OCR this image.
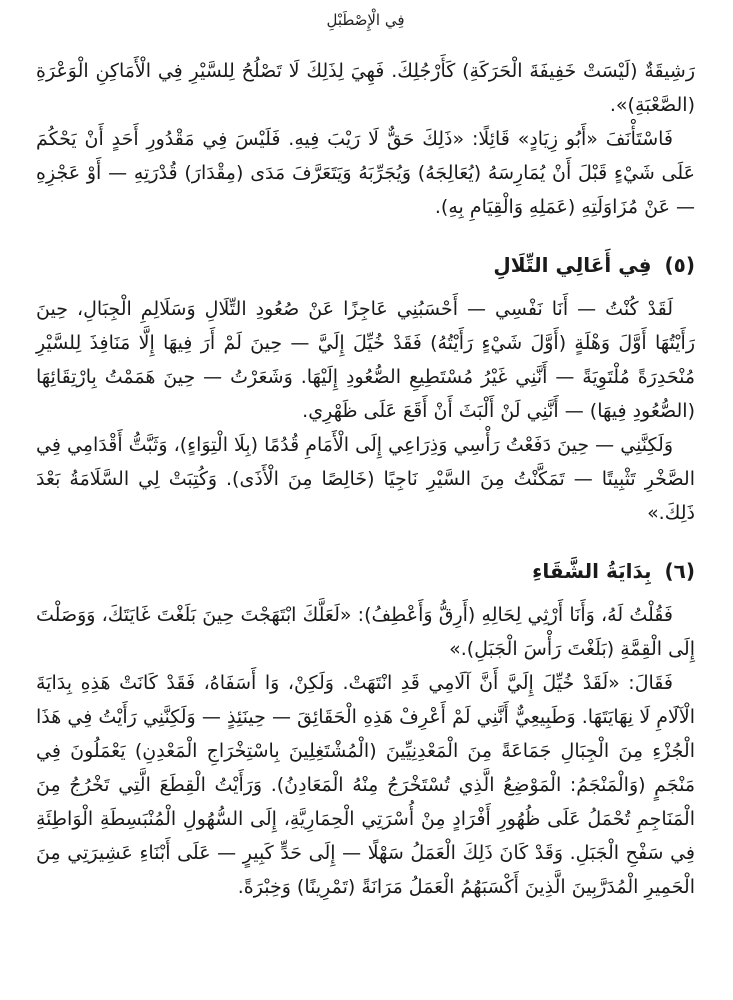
فِي الْإِصْطَبْلِ

رَشِيقَةٌ (لَيْسَتْ خَفِيفَةَ الْحَرَكَةِ) كَأَرْجُلِكَ. فَهِيَ لِذَلِكَ لَا تَصْلُحُ لِلسَّيْرِ فِي الْأَمَاكِنِ الْوَعْرَةِ (الصَّعْبَةِ)».

فَاسْتَأْنَفَ «أَبُو زِيَادٍ» قَائِلًا: «ذَلِكَ حَقٌّ لَا رَيْبَ فِيهِ. فَلَيْسَ فِي مَقْدُورِ أَحَدٍ أَنْ يَحْكُمَ عَلَى شَيْءٍ قَبْلَ أَنْ يُمَارِسَهُ (يُعَالِجَهُ) وَيُجَرِّبَهُ وَيَتَعَرَّفَ مَدَى (مِقْدَارَ) قُدْرَتِهِ — أَوْ عَجْزِهِ — عَنْ مُزَاوَلَتِهِ (عَمَلِهِ وَالْقِيَامِ بِهِ).

(٥) فِي أَعَالِي التِّلَالِ

لَقَدْ كُنْتُ — أَنَا نَفْسِي — أَحْسَبُنِي عَاجِزًا عَنْ صُعُودِ التِّلَالِ وَسَلَالِمِ الْجِبَالِ، حِينَ رَأَيْتُهَا أَوَّلَ وَهْلَةٍ (أَوَّلَ شَيْءٍ رَأَيْتُهُ) فَقَدْ خُيِّلَ إِلَيَّ — حِينَ لَمْ أَرَ فِيهَا إِلَّا مَنَافِذَ لِلسَّيْرِ مُنْحَدِرَةً مُلْتَوِيَةً — أَنَّنِي غَيْرُ مُسْتَطِيعِ الصُّعُودِ إِلَيْهَا. وَشَعَرْتُ — حِينَ هَمَمْتُ بِارْتِقَائِهَا (الصُّعُودِ فِيهَا) — أَنَّنِي لَنْ أَلْبَثَ أَنْ أَقَعَ عَلَى ظَهْرِي.

وَلَكِنَّنِي — حِينَ دَفَعْتُ رَأْسِي وَذِرَاعِي إِلَى الْأَمَامِ قُدُمًا (بِلَا الْتِوَاءٍ)، وَثَبَّتُّ أَقْدَامِي فِي الصَّخْرِ تَثْبِيتًا — تَمَكَّنْتُ مِنَ السَّيْرِ نَاجِيًا (خَالِصًا مِنَ الْأَذَى). وَكُتِبَتْ لِي السَّلَامَةُ بَعْدَ ذَلِكَ.»

(٦) بِدَايَةُ الشَّقَاءِ

فَقُلْتُ لَهُ، وَأَنَا أَرْثِي لِحَالِهِ (أَرِقُّ وَأَعْطِفُ): «لَعَلَّكَ ابْتَهَجْتَ حِينَ بَلَغْتَ غَايَتَكَ، وَوَصَلْتَ إِلَى الْقِمَّةِ (بَلَغْتَ رَأْسَ الْجَبَلِ).»

فَقَالَ: «لَقَدْ خُيِّلَ إِلَيَّ أَنَّ آلَامِي قَدِ انْتَهَتْ. وَلَكِنْ، وَا أَسَفَاهُ، فَقَدْ كَانَتْ هَذِهِ بِدَايَةَ الْآلَامِ لَا نِهَايَتَهَا. وَطَبِيعِيٌّ أَنَّنِي لَمْ أَعْرِفْ هَذِهِ الْحَقَائِقَ — حِينَئِذٍ — وَلَكِنَّنِي رَأَيْتُ فِي هَذَا الْجُزْءِ مِنَ الْجِبَالِ جَمَاعَةً مِنَ الْمَعْدِنِيِّينَ (الْمُشْتَغِلِينَ بِاسْتِخْرَاجِ الْمَعْدِنِ) يَعْمَلُونَ فِي مَنْجَمٍ (وَالْمَنْجَمُ: الْمَوْضِعُ الَّذِي تُسْتَخْرَجُ مِنْهُ الْمَعَادِنُ). وَرَأَيْتُ الْقِطَعَ الَّتِي تَخْرُجُ مِنَ الْمَنَاجِمِ تُحْمَلُ عَلَى ظُهُورِ أَفْرَادٍ مِنْ أُسْرَتِي الْحِمَارِيَّةِ، إِلَى السُّهُولِ الْمُنْبَسِطَةِ الْوَاطِئَةِ فِي سَفْحِ الْجَبَلِ. وَقَدْ كَانَ ذَلِكَ الْعَمَلُ سَهْلًا — إِلَى حَدٍّ كَبِيرٍ — عَلَى أَبْنَاءِ عَشِيرَتِي مِنَ الْحَمِيرِ الْمُدَرَّبِينَ الَّذِينَ أَكْسَبَهُمُ الْعَمَلُ مَرَانَةً (تَمْرِينًا) وَخِبْرَةً.
